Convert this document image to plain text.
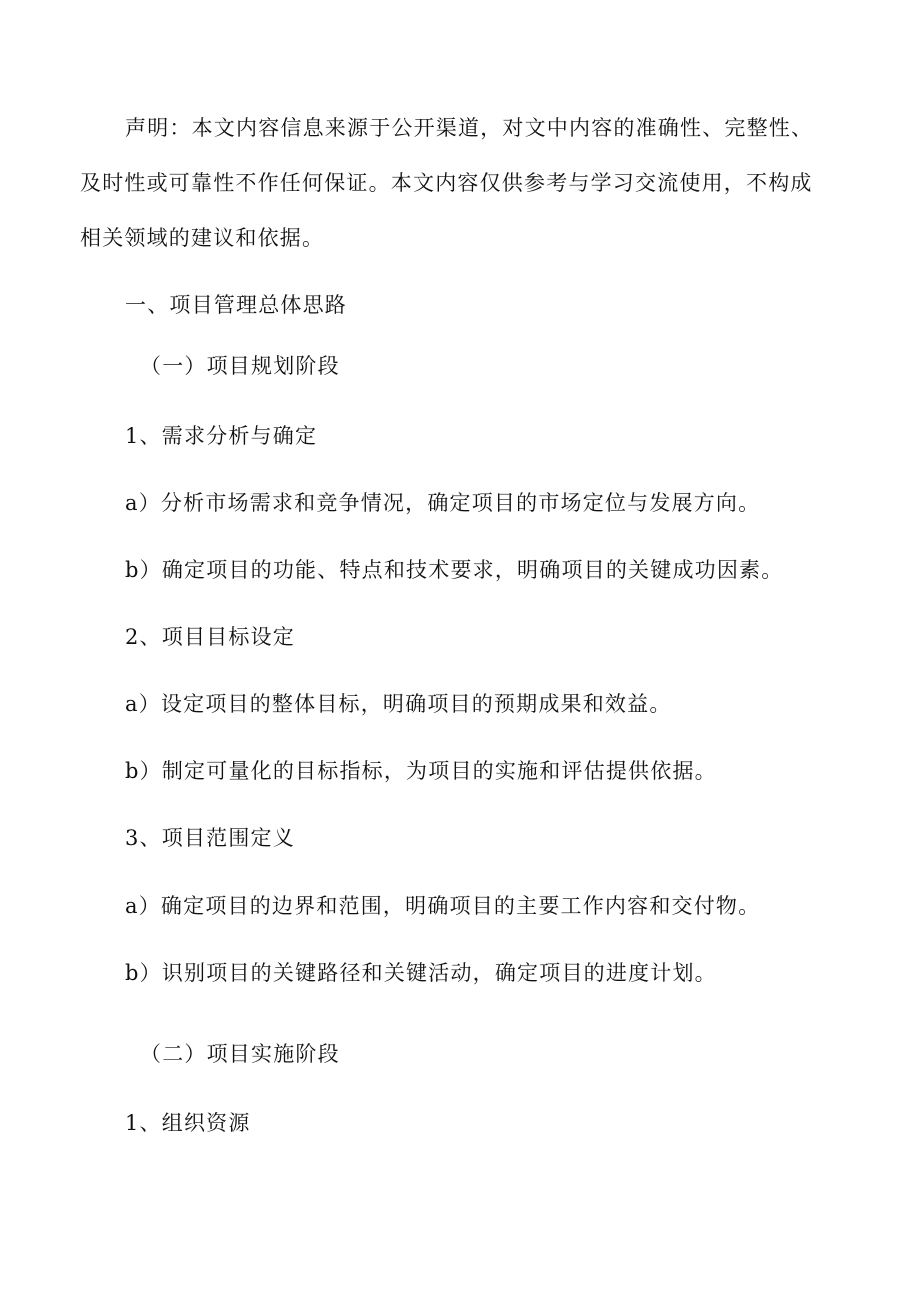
声明：本文内容信息来源于公开渠道，对文中内容的准确性、完整性、
及时性或可靠性不作任何保证。本文内容仅供参考与学习交流使用，不构成
相关领域的建议和依据。
一、项目管理总体思路
（一）项目规划阶段
1、需求分析与确定
a）分析市场需求和竞争情况，确定项目的市场定位与发展方向。
b）确定项目的功能、特点和技术要求，明确项目的关键成功因素。
2、项目目标设定
a）设定项目的整体目标，明确项目的预期成果和效益。
b）制定可量化的目标指标，为项目的实施和评估提供依据。
3、项目范围定义
a）确定项目的边界和范围，明确项目的主要工作内容和交付物。
b）识别项目的关键路径和关键活动，确定项目的进度计划。
（二）项目实施阶段
1、组织资源
